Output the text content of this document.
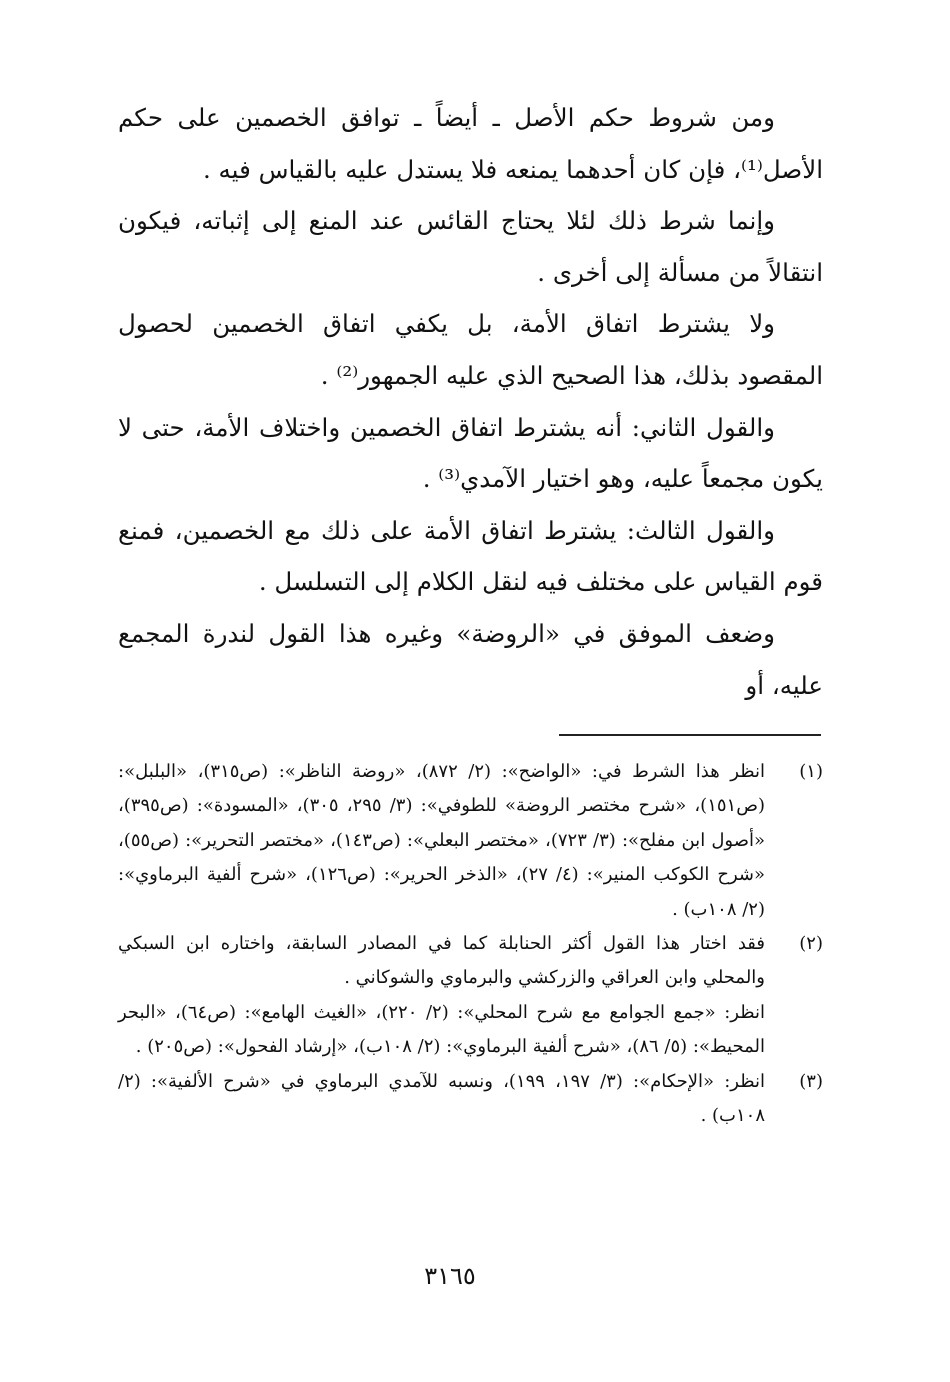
ومن شروط حكم الأصل ـ أيضاً ـ توافق الخصمين على حكم الأصل⁽¹⁾، فإن كان أحدهما يمنعه فلا يستدل عليه بالقياس فيه .

وإنما شرط ذلك لئلا يحتاج القائس عند المنع إلى إثباته، فيكون انتقالاً من مسألة إلى أخرى .

ولا يشترط اتفاق الأمة، بل يكفي اتفاق الخصمين لحصول المقصود بذلك، هذا الصحيح الذي عليه الجمهور⁽²⁾ .

والقول الثاني: أنه يشترط اتفاق الخصمين واختلاف الأمة، حتى لا يكون مجمعاً عليه، وهو اختيار الآمدي⁽³⁾ .

والقول الثالث: يشترط اتفاق الأمة على ذلك مع الخصمين، فمنع قوم القياس على مختلف فيه لنقل الكلام إلى التسلسل .

وضعف الموفق في «الروضة» وغيره هذا القول لندرة المجمع عليه، أو

(١)

انظر هذا الشرط في: «الواضح»: (٢/ ٨٧٢)، «روضة الناظر»: (ص٣١٥)، «البلبل»: (ص١٥١)، «شرح مختصر الروضة» للطوفي»: (٣/ ٢٩٥، ٣٠٥)، «المسودة»: (ص٣٩٥)، «أصول ابن مفلح»: (٣/ ٧٢٣)، «مختصر البعلي»: (ص١٤٣)، «مختصر التحرير»: (ص٥٥)، «شرح الكوكب المنير»: (٤/ ٢٧)، «الذخر الحرير»: (ص١٢٦)، «شرح ألفية البرماوي»: (٢/ ١٠٨ب) .

(٢)

فقد اختار هذا القول أكثر الحنابلة كما في المصادر السابقة، واختاره ابن السبكي والمحلي وابن العراقي والزركشي والبرماوي والشوكاني .

انظر: «جمع الجوامع مع شرح المحلي»: (٢/ ٢٢٠)، «الغيث الهامع»: (ص٦٤)، «البحر المحيط»: (٥/ ٨٦)، «شرح ألفية البرماوي»: (٢/ ١٠٨ب)، «إرشاد الفحول»: (ص٢٠٥) .

(٣)

انظر: «الإحكام»: (٣/ ١٩٧، ١٩٩)، ونسبه للآمدي البرماوي في «شرح الألفية»: (٢/ ١٠٨ب) .

٣١٦٥
